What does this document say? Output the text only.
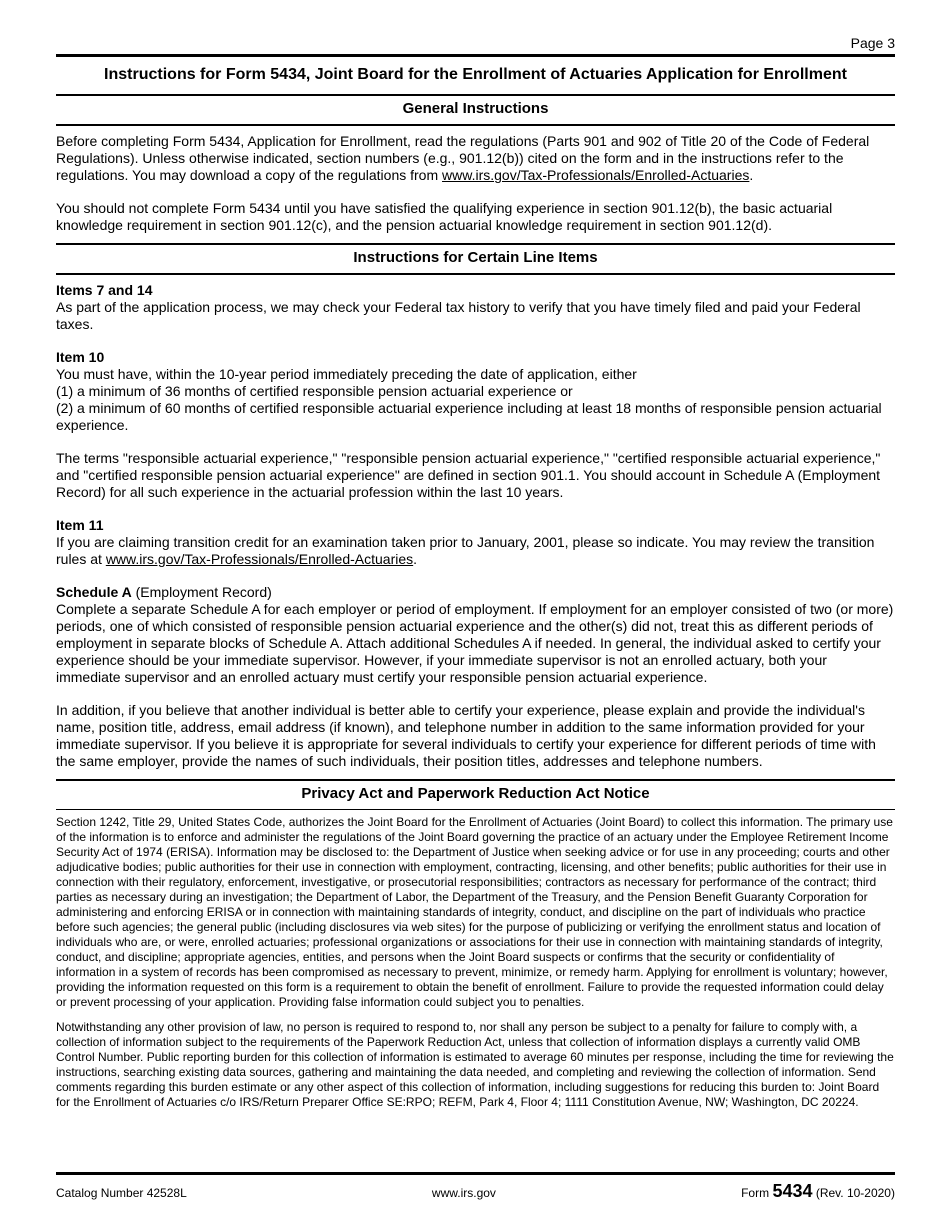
Page 3
Instructions for Form 5434, Joint Board for the Enrollment of Actuaries Application for Enrollment
General Instructions

Before completing Form 5434, Application for Enrollment, read the regulations (Parts 901 and 902 of Title 20 of the Code of Federal Regulations). Unless otherwise indicated, section numbers (e.g., 901.12(b)) cited on the form and in the instructions refer to the regulations. You may download a copy of the regulations from www.irs.gov/Tax-Professionals/Enrolled-Actuaries.

You should not complete Form 5434 until you have satisfied the qualifying experience in section 901.12(b), the basic actuarial knowledge requirement in section 901.12(c), and the pension actuarial knowledge requirement in section 901.12(d).

Instructions for Certain Line Items
Items 7 and 14

As part of the application process, we may check your Federal tax history to verify that you have timely filed and paid your Federal taxes.

Item 10

You must have, within the 10-year period immediately preceding the date of application, either

(1) a minimum of 36 months of certified responsible pension actuarial experience or

(2) a minimum of 60 months of certified responsible actuarial experience including at least 18 months of responsible pension actuarial experience.

The terms "responsible actuarial experience," "responsible pension actuarial experience," "certified responsible actuarial experience," and "certified responsible pension actuarial experience" are defined in section 901.1. You should account in Schedule A (Employment Record) for all such experience in the actuarial profession within the last 10 years.

Item 11

If you are claiming transition credit for an examination taken prior to January, 2001, please so indicate. You may review the transition rules at www.irs.gov/Tax-Professionals/Enrolled-Actuaries.

Schedule A (Employment Record)

Complete a separate Schedule A for each employer or period of employment. If employment for an employer consisted of two (or more) periods, one of which consisted of responsible pension actuarial experience and the other(s) did not, treat this as different periods of employment in separate blocks of Schedule A. Attach additional Schedules A if needed. In general, the individual asked to certify your experience should be your immediate supervisor. However, if your immediate supervisor is not an enrolled actuary, both your immediate supervisor and an enrolled actuary must certify your responsible pension actuarial experience.

In addition, if you believe that another individual is better able to certify your experience, please explain and provide the individual's name, position title, address, email address (if known), and telephone number in addition to the same information provided for your immediate supervisor. If you believe it is appropriate for several individuals to certify your experience for different periods of time with the same employer, provide the names of such individuals, their position titles, addresses and telephone numbers.

Privacy Act and Paperwork Reduction Act Notice

Section 1242, Title 29, United States Code, authorizes the Joint Board for the Enrollment of Actuaries (Joint Board) to collect this information. The primary use of the information is to enforce and administer the regulations of the Joint Board governing the practice of an actuary under the Employee Retirement Income Security Act of 1974 (ERISA). Information may be disclosed to: the Department of Justice when seeking advice or for use in any proceeding; courts and other adjudicative bodies; public authorities for their use in connection with employment, contracting, licensing, and other benefits; public authorities for their use in connection with their regulatory, enforcement, investigative, or prosecutorial responsibilities; contractors as necessary for performance of the contract; third parties as necessary during an investigation; the Department of Labor, the Department of the Treasury, and the Pension Benefit Guaranty Corporation for administering and enforcing ERISA or in connection with maintaining standards of integrity, conduct, and discipline on the part of individuals who practice before such agencies; the general public (including disclosures via web sites) for the purpose of publicizing or verifying the enrollment status and location of individuals who are, or were, enrolled actuaries; professional organizations or associations for their use in connection with maintaining standards of integrity, conduct, and discipline; appropriate agencies, entities, and persons when the Joint Board suspects or confirms that the security or confidentiality of information in a system of records has been compromised as necessary to prevent, minimize, or remedy harm. Applying for enrollment is voluntary; however, providing the information requested on this form is a requirement to obtain the benefit of enrollment. Failure to provide the requested information could delay or prevent processing of your application. Providing false information could subject you to penalties.

Notwithstanding any other provision of law, no person is required to respond to, nor shall any person be subject to a penalty for failure to comply with, a collection of information subject to the requirements of the Paperwork Reduction Act, unless that collection of information displays a currently valid OMB Control Number. Public reporting burden for this collection of information is estimated to average 60 minutes per response, including the time for reviewing the instructions, searching existing data sources, gathering and maintaining the data needed, and completing and reviewing the collection of information. Send comments regarding this burden estimate or any other aspect of this collection of information, including suggestions for reducing this burden to: Joint Board for the Enrollment of Actuaries c/o IRS/Return Preparer Office SE:RPO; REFM, Park 4, Floor 4; 1111 Constitution Avenue, NW; Washington, DC 20224.

Catalog Number 42528L	www.irs.gov	Form 5434 (Rev. 10-2020)
